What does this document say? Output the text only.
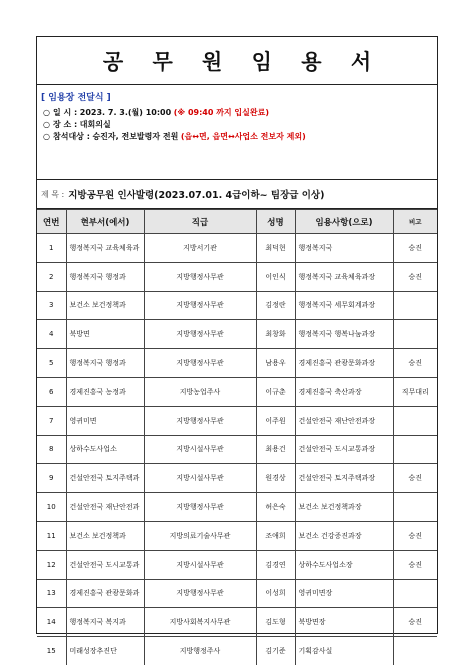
공 무 원 임 용 서
[ 임용장 전달식 ]
○ 일 시 :
2023. 7. 3.(월) 10:00
(※ 09:40 까지 입실완료)
○ 장 소 :
대회의실
○ 참석대상 :
승진자, 전보발령자 전원
(읍↔면, 읍면↔사업소 전보자 제외)
제 목 : 지방공무원 인사발령(2023.07.01. 4급이하~ 팀장급 이상)
연번	현부서(에서)	직급	성명	임용사항(으로)	비고
1	행정복지국 교육체육과	지방서기관	최덕현	행정복지국	승진
2	행정복지국 행정과	지방행정사무관	이인식	행정복지국 교육체육과장	승진
3	보건소 보건정책과	지방행정사무관	김정란	행정복지국 세무회계과장	
4	북방면	지방행정사무관	최창화	행정복지국 행복나눔과장	
5	행정복지국 행정과	지방행정사무관	남용우	경제진흥국 관광문화과장	승진
6	경제진흥국 농정과	지방농업주사	이규춘	경제진흥국 축산과장	직무대리
7	영귀미면	지방행정사무관	이주원	건설안전국 재난안전과장	
8	상하수도사업소	지방시설사무관	최용건	건설안전국 도시교통과장	
9	건설안전국 토지주택과	지방시설사무관	원경상	건설안전국 토지주택과장	승진
10	건설안전국 재난안전과	지방행정사무관	허은숙	보건소 보건정책과장	
11	보건소 보건정책과	지방의료기술사무관	조애희	보건소 건강증진과장	승진
12	건설안전국 도시교통과	지방시설사무관	김경연	상하수도사업소장	승진
13	경제진흥국 관광문화과	지방행정사무관	이성희	영귀미면장	
14	행정복지국 복지과	지방사회복지사무관	김도형	북방면장	승진
15	미래성장추진단	지방행정주사	김기준	기획감사실	
